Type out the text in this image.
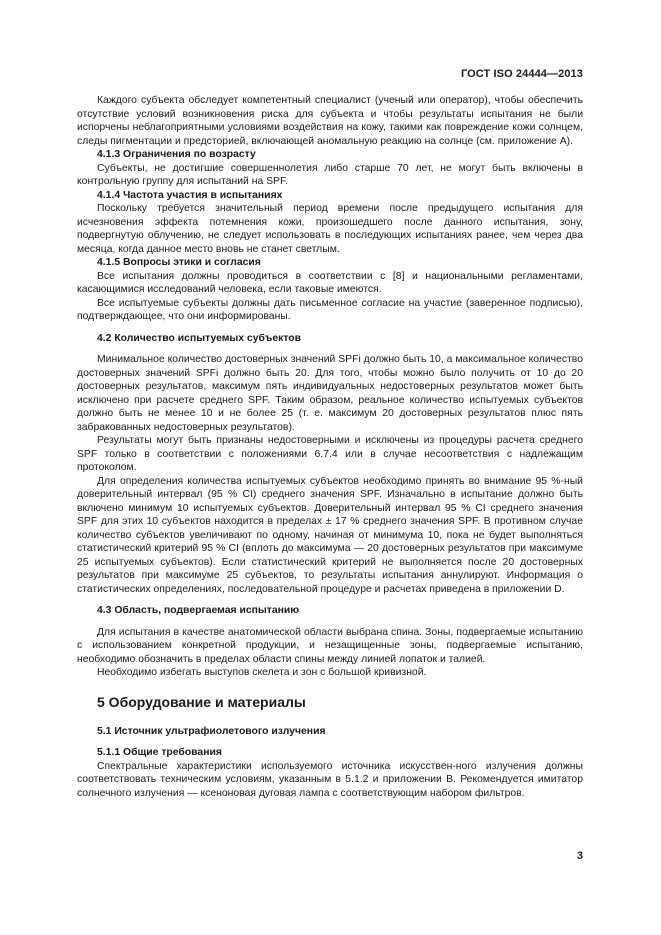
ГОСТ ISO 24444—2013

Каждого субъекта обследует компетентный специалист (ученый или оператор), чтобы обеспечить отсутствие условий возникновения риска для субъекта и чтобы результаты испытания не были испорчены неблагоприятными условиями воздействия на кожу, такими как повреждение кожи солнцем, следы пигментации и предсторией, включающей аномальную реакцию на солнце (см. приложение А).

4.1.3 Ограничения по возрасту

Субъекты, не достигшие совершеннолетия либо старше 70 лет, не могут быть включены в контрольную группу для испытаний на SPF.

4.1.4 Частота участия в испытаниях

Поскольку требуется значительный период времени после предыдущего испытания для исчезновения эффекта потемнения кожи, произошедшего после данного испытания, зону, подвергнутую облучению, не следует использовать в последующих испытаниях ранее, чем через два месяца, когда данное место вновь не станет светлым.

4.1.5 Вопросы этики и согласия

Все испытания должны проводиться в соответствии с [8] и национальными регламентами, касающимися исследований человека, если таковые имеются.

Все испытуемые субъекты должны дать письменное согласие на участие (заверенное подписью), подтверждающее, что они информированы.

4.2 Количество испытуемых субъектов

Минимальное количество достоверных значений SPFi должно быть 10, а максимальное количество достоверных значений SPFi должно быть 20. Для того, чтобы можно было получить от 10 до 20 достоверных результатов, максимум пять индивидуальных недостоверных результатов может быть исключено при расчете среднего SPF. Таким образом, реальное количество испытуемых субъектов должно быть не менее 10 и не более 25 (т. е. максимум 20 достоверных результатов плюс пять забракованных недостоверных результатов).

Результаты могут быть признаны недостоверными и исключены из процедуры расчета среднего SPF только в соответствии с положениями 6.7.4 или в случае несоответствия с надлежащим протоколом.

Для определения количества испытуемых субъектов необходимо принять во внимание 95 %-ный доверительный интервал (95 % CI) среднего значения SPF. Изначально в испытание должно быть включено минимум 10 испытуемых субъектов. Доверительный интервал 95 % CI среднего значения SPF для этих 10 субъектов находится в пределах ± 17 % среднего значения SPF. В противном случае количество субъектов увеличивают по одному, начиная от минимума 10, пока не будет выполняться статистический критерий 95 % CI (вплоть до максимума — 20 достоверных результатов при максимуме 25 испытуемых субъектов). Если статистический критерий не выполняется после 20 достоверных результатов при максимуме 25 субъектов, то результаты испытания аннулируют. Информация о статистических определениях, последовательной процедуре и расчетах приведена в приложении D.

4.3 Область, подвергаемая испытанию

Для испытания в качестве анатомической области выбрана спина. Зоны, подвергаемые испытанию с использованием конкретной продукции, и незащищенные зоны, подвергаемые испытанию, необходимо обозначить в пределах области спины между линией лопаток и талией.

Необходимо избегать выступов скелета и зон с большой кривизной.

5 Оборудование и материалы

5.1 Источник ультрафиолетового излучения

5.1.1 Общие требования

Спектральные характеристики используемого источника искусствен-ного излучения должны соответствовать техническим условиям, указанным в 5.1.2 и приложении В. Рекомендуется имитатор солнечного излучения — ксеноновая дуговая лампа с соответствующим набором фильтров.

3
